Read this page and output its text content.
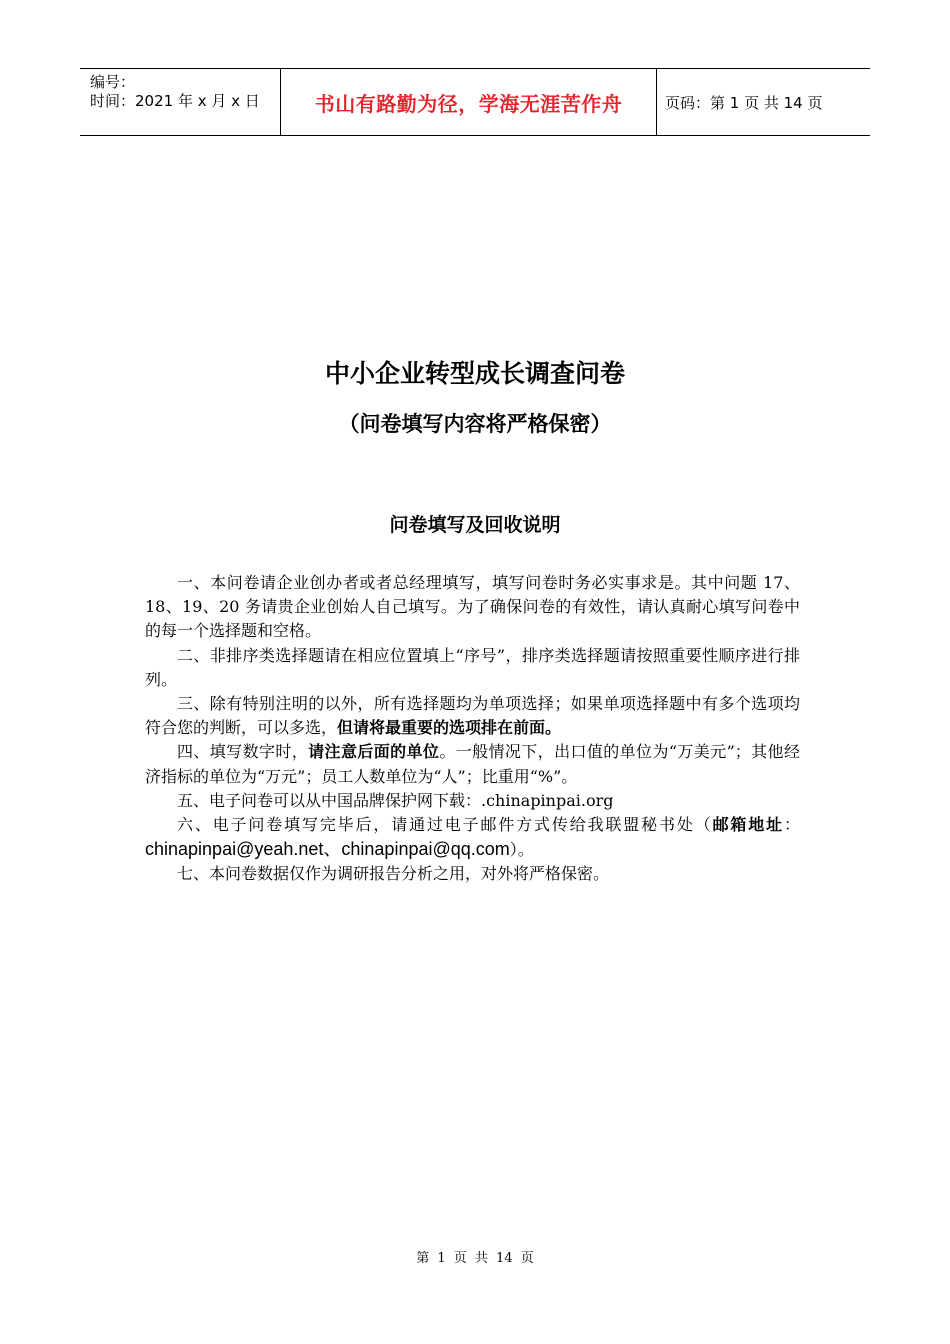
编号：
时间：2021 年 x 月 x 日	书山有路勤为径，学海无涯苦作舟	页码：第 1 页 共 14 页
中小企业转型成长调查问卷
（问卷填写内容将严格保密）
问卷填写及回收说明

一、本问卷请企业创办者或者总经理填写，填写问卷时务必实事求是。其中问题 17、18、19、20 务请贵企业创始人自己填写。为了确保问卷的有效性，请认真耐心填写问卷中的每一个选择题和空格。

二、非排序类选择题请在相应位置填上“序号”，排序类选择题请按照重要性顺序进行排列。

三、除有特别注明的以外，所有选择题均为单项选择；如果单项选择题中有多个选项均符合您的判断，可以多选，但请将最重要的选项排在前面。

四、填写数字时，请注意后面的单位。一般情况下，出口值的单位为“万美元”；其他经济指标的单位为“万元”；员工人数单位为“人”；比重用“%”。

五、电子问卷可以从中国品牌保护网下载：.chinapinpai.org

六、电子问卷填写完毕后，请通过电子邮件方式传给我联盟秘书处（邮箱地址：chinapinpai@yeah.net、chinapinpai@qq.com）。

七、本问卷数据仅作为调研报告分析之用，对外将严格保密。

第 1 页 共 14 页
